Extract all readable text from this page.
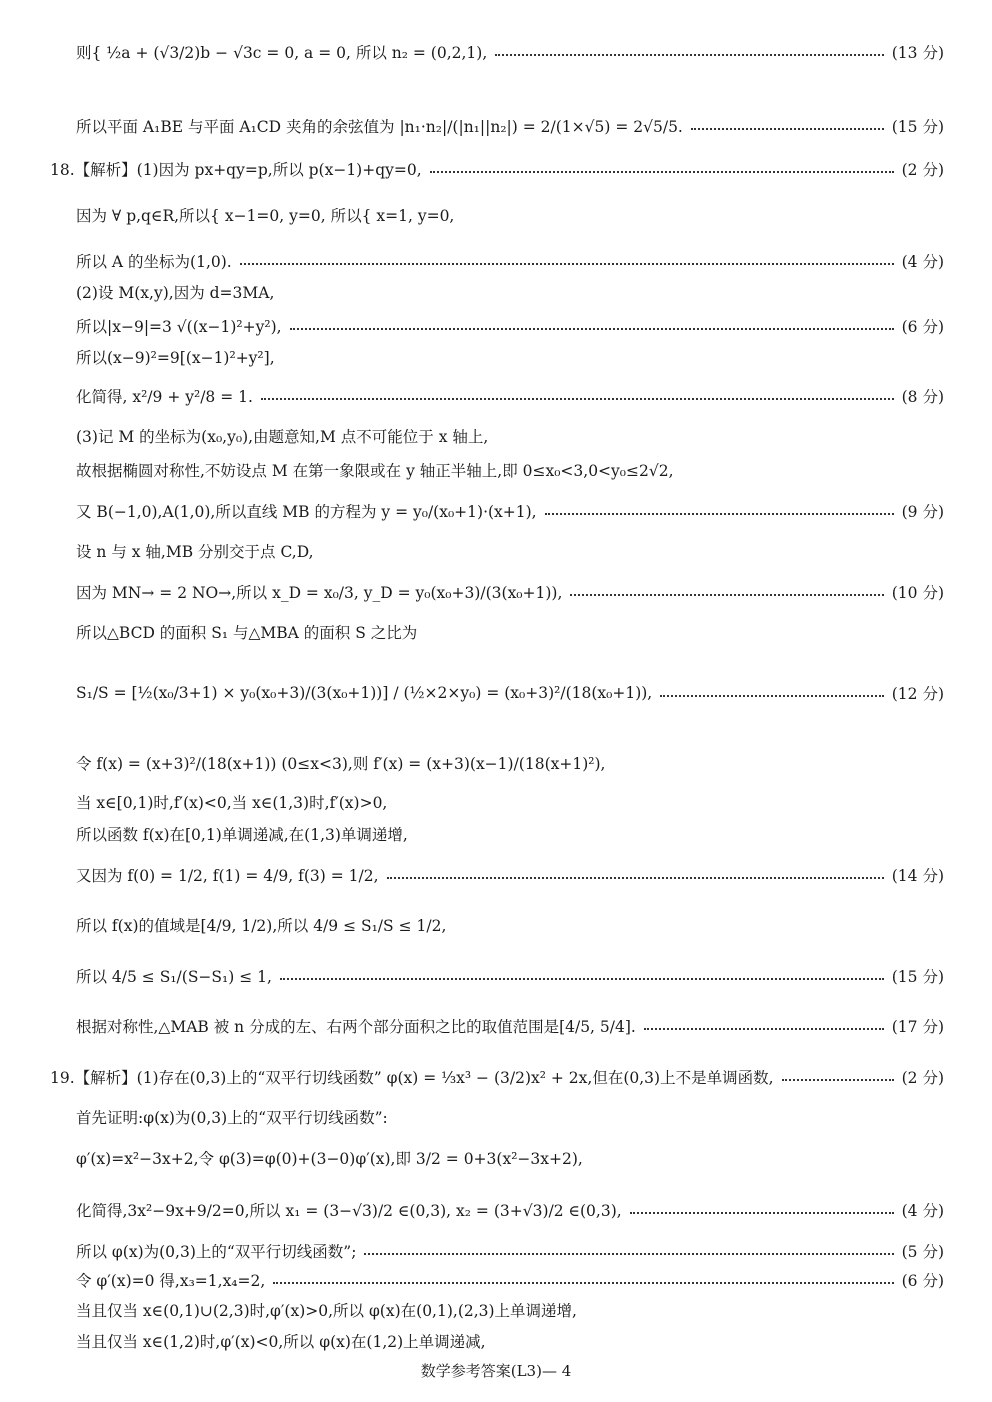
则{ ½a + (√3/2)b − √3c = 0, a = 0, 所以 n₂ = (0,2,1),	(13 分)
所以平面 A₁BE 与平面 A₁CD 夹角的余弦值为 |n₁·n₂|/(|n₁||n₂|) = 2/(1×√5) = 2√5/5.	(15 分)
18.【解析】(1)因为 px+qy=p,所以 p(x−1)+qy=0,	(2 分)
因为 ∀ p,q∈R,所以{ x−1=0, y=0, 所以{ x=1, y=0,
所以 A 的坐标为(1,0).	(4 分)
(2)设 M(x,y),因为 d=3MA,
所以|x−9|=3 √((x−1)²+y²),	(6 分)
所以(x−9)²=9[(x−1)²+y²],
化简得, x²/9 + y²/8 = 1.	(8 分)
(3)记 M 的坐标为(x₀,y₀),由题意知,M 点不可能位于 x 轴上,
故根据椭圆对称性,不妨设点 M 在第一象限或在 y 轴正半轴上,即 0≤x₀<3,0<y₀≤2√2,
又 B(−1,0),A(1,0),所以直线 MB 的方程为 y = y₀/(x₀+1)·(x+1),	(9 分)
设 n 与 x 轴,MB 分别交于点 C,D,
因为 MN→ = 2 NO→,所以 x_D = x₀/3, y_D = y₀(x₀+3)/(3(x₀+1)),	(10 分)
所以△BCD 的面积 S₁ 与△MBA 的面积 S 之比为
S₁/S = [½(x₀/3+1) × y₀(x₀+3)/(3(x₀+1))] / (½×2×y₀) = (x₀+3)²/(18(x₀+1)),	(12 分)
令 f(x) = (x+3)²/(18(x+1)) (0≤x<3),则 f′(x) = (x+3)(x−1)/(18(x+1)²),
当 x∈[0,1)时,f′(x)<0,当 x∈(1,3)时,f′(x)>0,
所以函数 f(x)在[0,1)单调递减,在(1,3)单调递增,
又因为 f(0) = 1/2, f(1) = 4/9, f(3) = 1/2,	(14 分)
所以 f(x)的值域是[4/9, 1/2),所以 4/9 ≤ S₁/S ≤ 1/2,
所以 4/5 ≤ S₁/(S−S₁) ≤ 1,	(15 分)
根据对称性,△MAB 被 n 分成的左、右两个部分面积之比的取值范围是[4/5, 5/4].	(17 分)
19.【解析】(1)存在(0,3)上的“双平行切线函数” φ(x) = ⅓x³ − (3/2)x² + 2x,但在(0,3)上不是单调函数,	(2 分)
首先证明:φ(x)为(0,3)上的“双平行切线函数”:
φ′(x)=x²−3x+2,令 φ(3)=φ(0)+(3−0)φ′(x),即 3/2 = 0+3(x²−3x+2),
化简得,3x²−9x+9/2=0,所以 x₁ = (3−√3)/2 ∈(0,3), x₂ = (3+√3)/2 ∈(0,3),	(4 分)
所以 φ(x)为(0,3)上的“双平行切线函数”;	(5 分)
令 φ′(x)=0 得,x₃=1,x₄=2,	(6 分)
当且仅当 x∈(0,1)∪(2,3)时,φ′(x)>0,所以 φ(x)在(0,1),(2,3)上单调递增,
当且仅当 x∈(1,2)时,φ′(x)<0,所以 φ(x)在(1,2)上单调递减,
数学参考答案(L3)— 4
